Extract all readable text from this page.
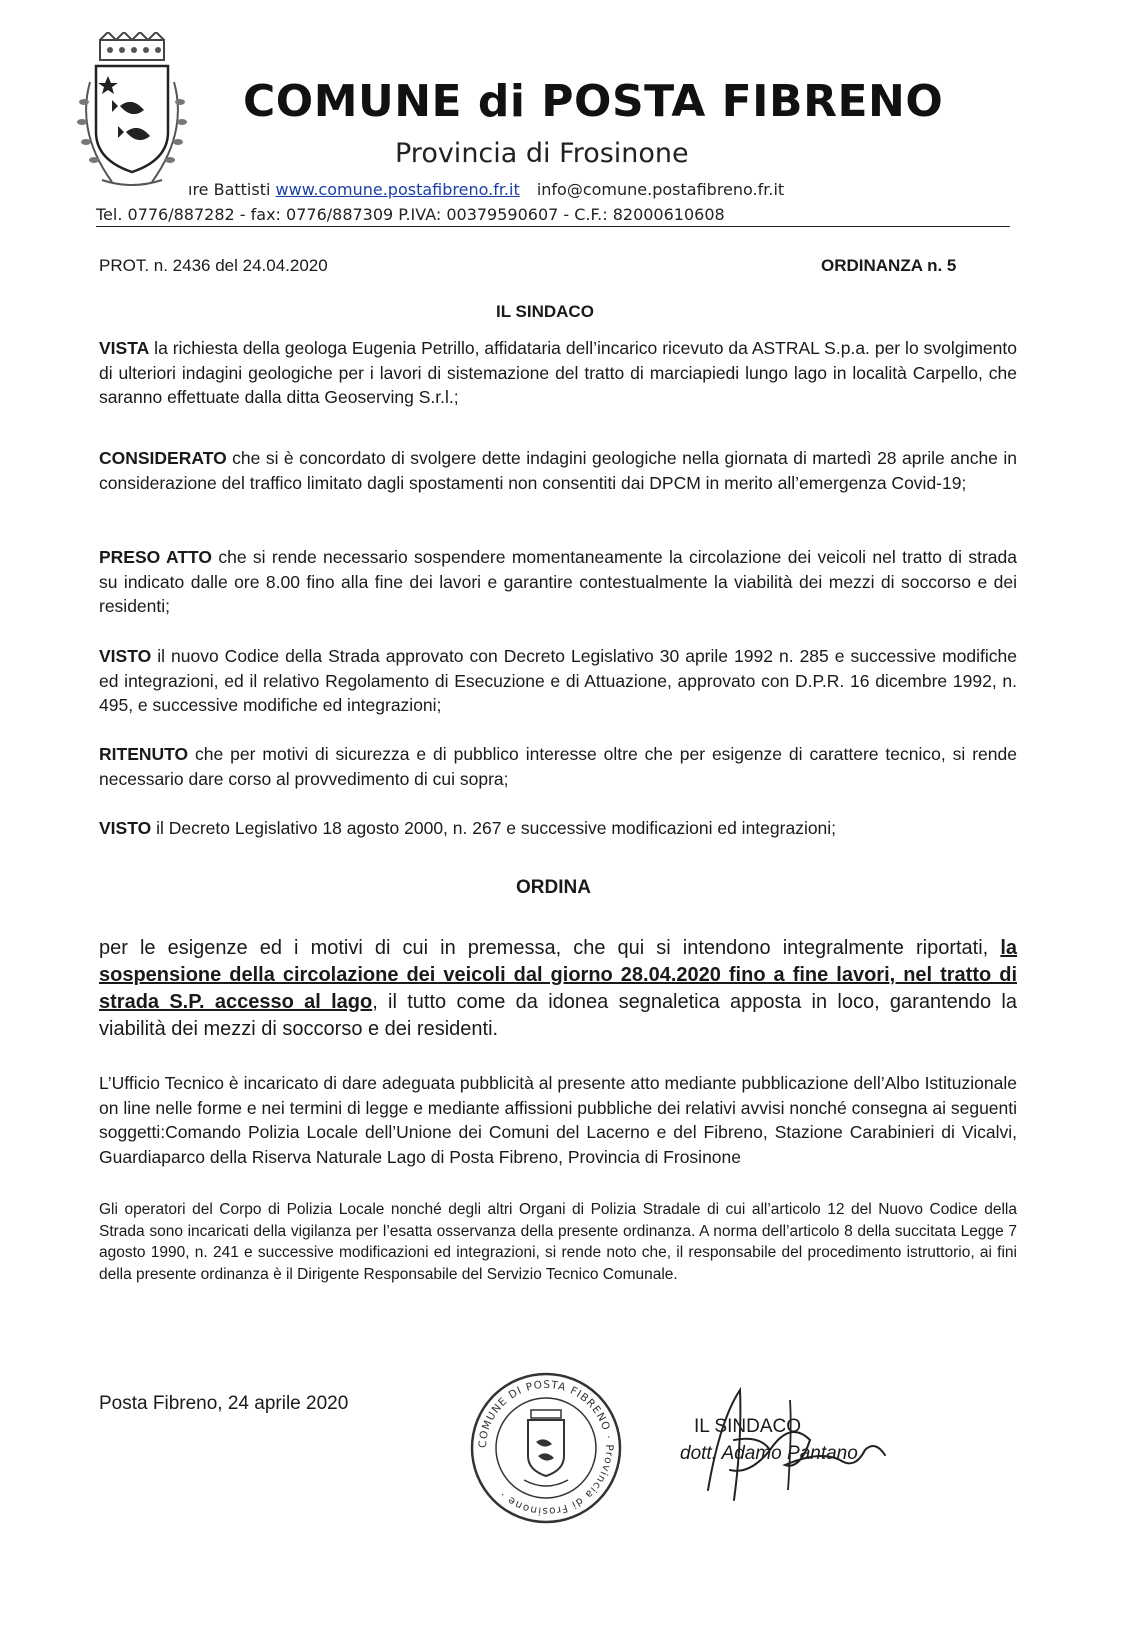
COMUNE di POSTA FIBRENO
Provincia di Frosinone
ıre Battisti www.comune.postafibreno.fr.it info@comune.postafibreno.fr.it
Tel. 0776/887282 - fax: 0776/887309 P.IVA: 00379590607 - C.F.: 82000610608
PROT. n. 2436 del 24.04.2020	ORDINANZA n. 5
IL SINDACO
VISTA la richiesta della geologa Eugenia Petrillo, affidataria dell’incarico ricevuto da ASTRAL S.p.a. per lo svolgimento di ulteriori indagini geologiche per i lavori di sistemazione del tratto di marciapiedi lungo lago in località Carpello, che saranno effettuate dalla ditta Geoserving S.r.l.;
CONSIDERATO che si è concordato di svolgere dette indagini geologiche nella giornata di martedì 28 aprile anche in considerazione del traffico limitato dagli spostamenti non consentiti dai DPCM in merito all’emergenza Covid-19;
PRESO ATTO che si rende necessario sospendere momentaneamente la circolazione dei veicoli nel tratto di strada su indicato dalle ore 8.00 fino alla fine dei lavori e garantire contestualmente la viabilità dei mezzi di soccorso e dei residenti;
VISTO il nuovo Codice della Strada approvato con Decreto Legislativo 30 aprile 1992 n. 285 e successive modifiche ed integrazioni, ed il relativo Regolamento di Esecuzione e di Attuazione, approvato con D.P.R. 16 dicembre 1992, n. 495, e successive modifiche ed integrazioni;
RITENUTO che per motivi di sicurezza e di pubblico interesse oltre che per esigenze di carattere tecnico, si rende necessario dare corso al provvedimento di cui sopra;
VISTO il Decreto Legislativo 18 agosto 2000, n. 267 e successive modificazioni ed integrazioni;
ORDINA
per le esigenze ed i motivi di cui in premessa, che qui si intendono integralmente riportati, la sospensione della circolazione dei veicoli dal giorno 28.04.2020 fino a fine lavori, nel tratto di strada S.P. accesso al lago, il tutto come da idonea segnaletica apposta in loco, garantendo la viabilità dei mezzi di soccorso e dei residenti.
L’Ufficio Tecnico è incaricato di dare adeguata pubblicità al presente atto mediante pubblicazione dell’Albo Istituzionale on line nelle forme e nei termini di legge e mediante affissioni pubbliche dei relativi avvisi nonché consegna ai seguenti soggetti:Comando Polizia Locale dell’Unione dei Comuni del Lacerno e del Fibreno, Stazione Carabinieri di Vicalvi, Guardiaparco della Riserva Naturale Lago di Posta Fibreno, Provincia di Frosinone
Gli operatori del Corpo di Polizia Locale nonché degli altri Organi di Polizia Stradale di cui all’articolo 12 del Nuovo Codice della Strada sono incaricati della vigilanza per l’esatta osservanza della presente ordinanza. A norma dell’articolo 8 della succitata Legge 7 agosto 1990, n. 241 e successive modificazioni ed integrazioni, si rende noto che, il responsabile del procedimento istruttorio, ai fini della presente ordinanza è il Dirigente Responsabile del Servizio Tecnico Comunale.
Posta Fibreno, 24 aprile 2020
COMUNE DI POSTA FIBRENO · Provincia di Frosinone ·
IL SINDACO
dott. Adamo Pantano
